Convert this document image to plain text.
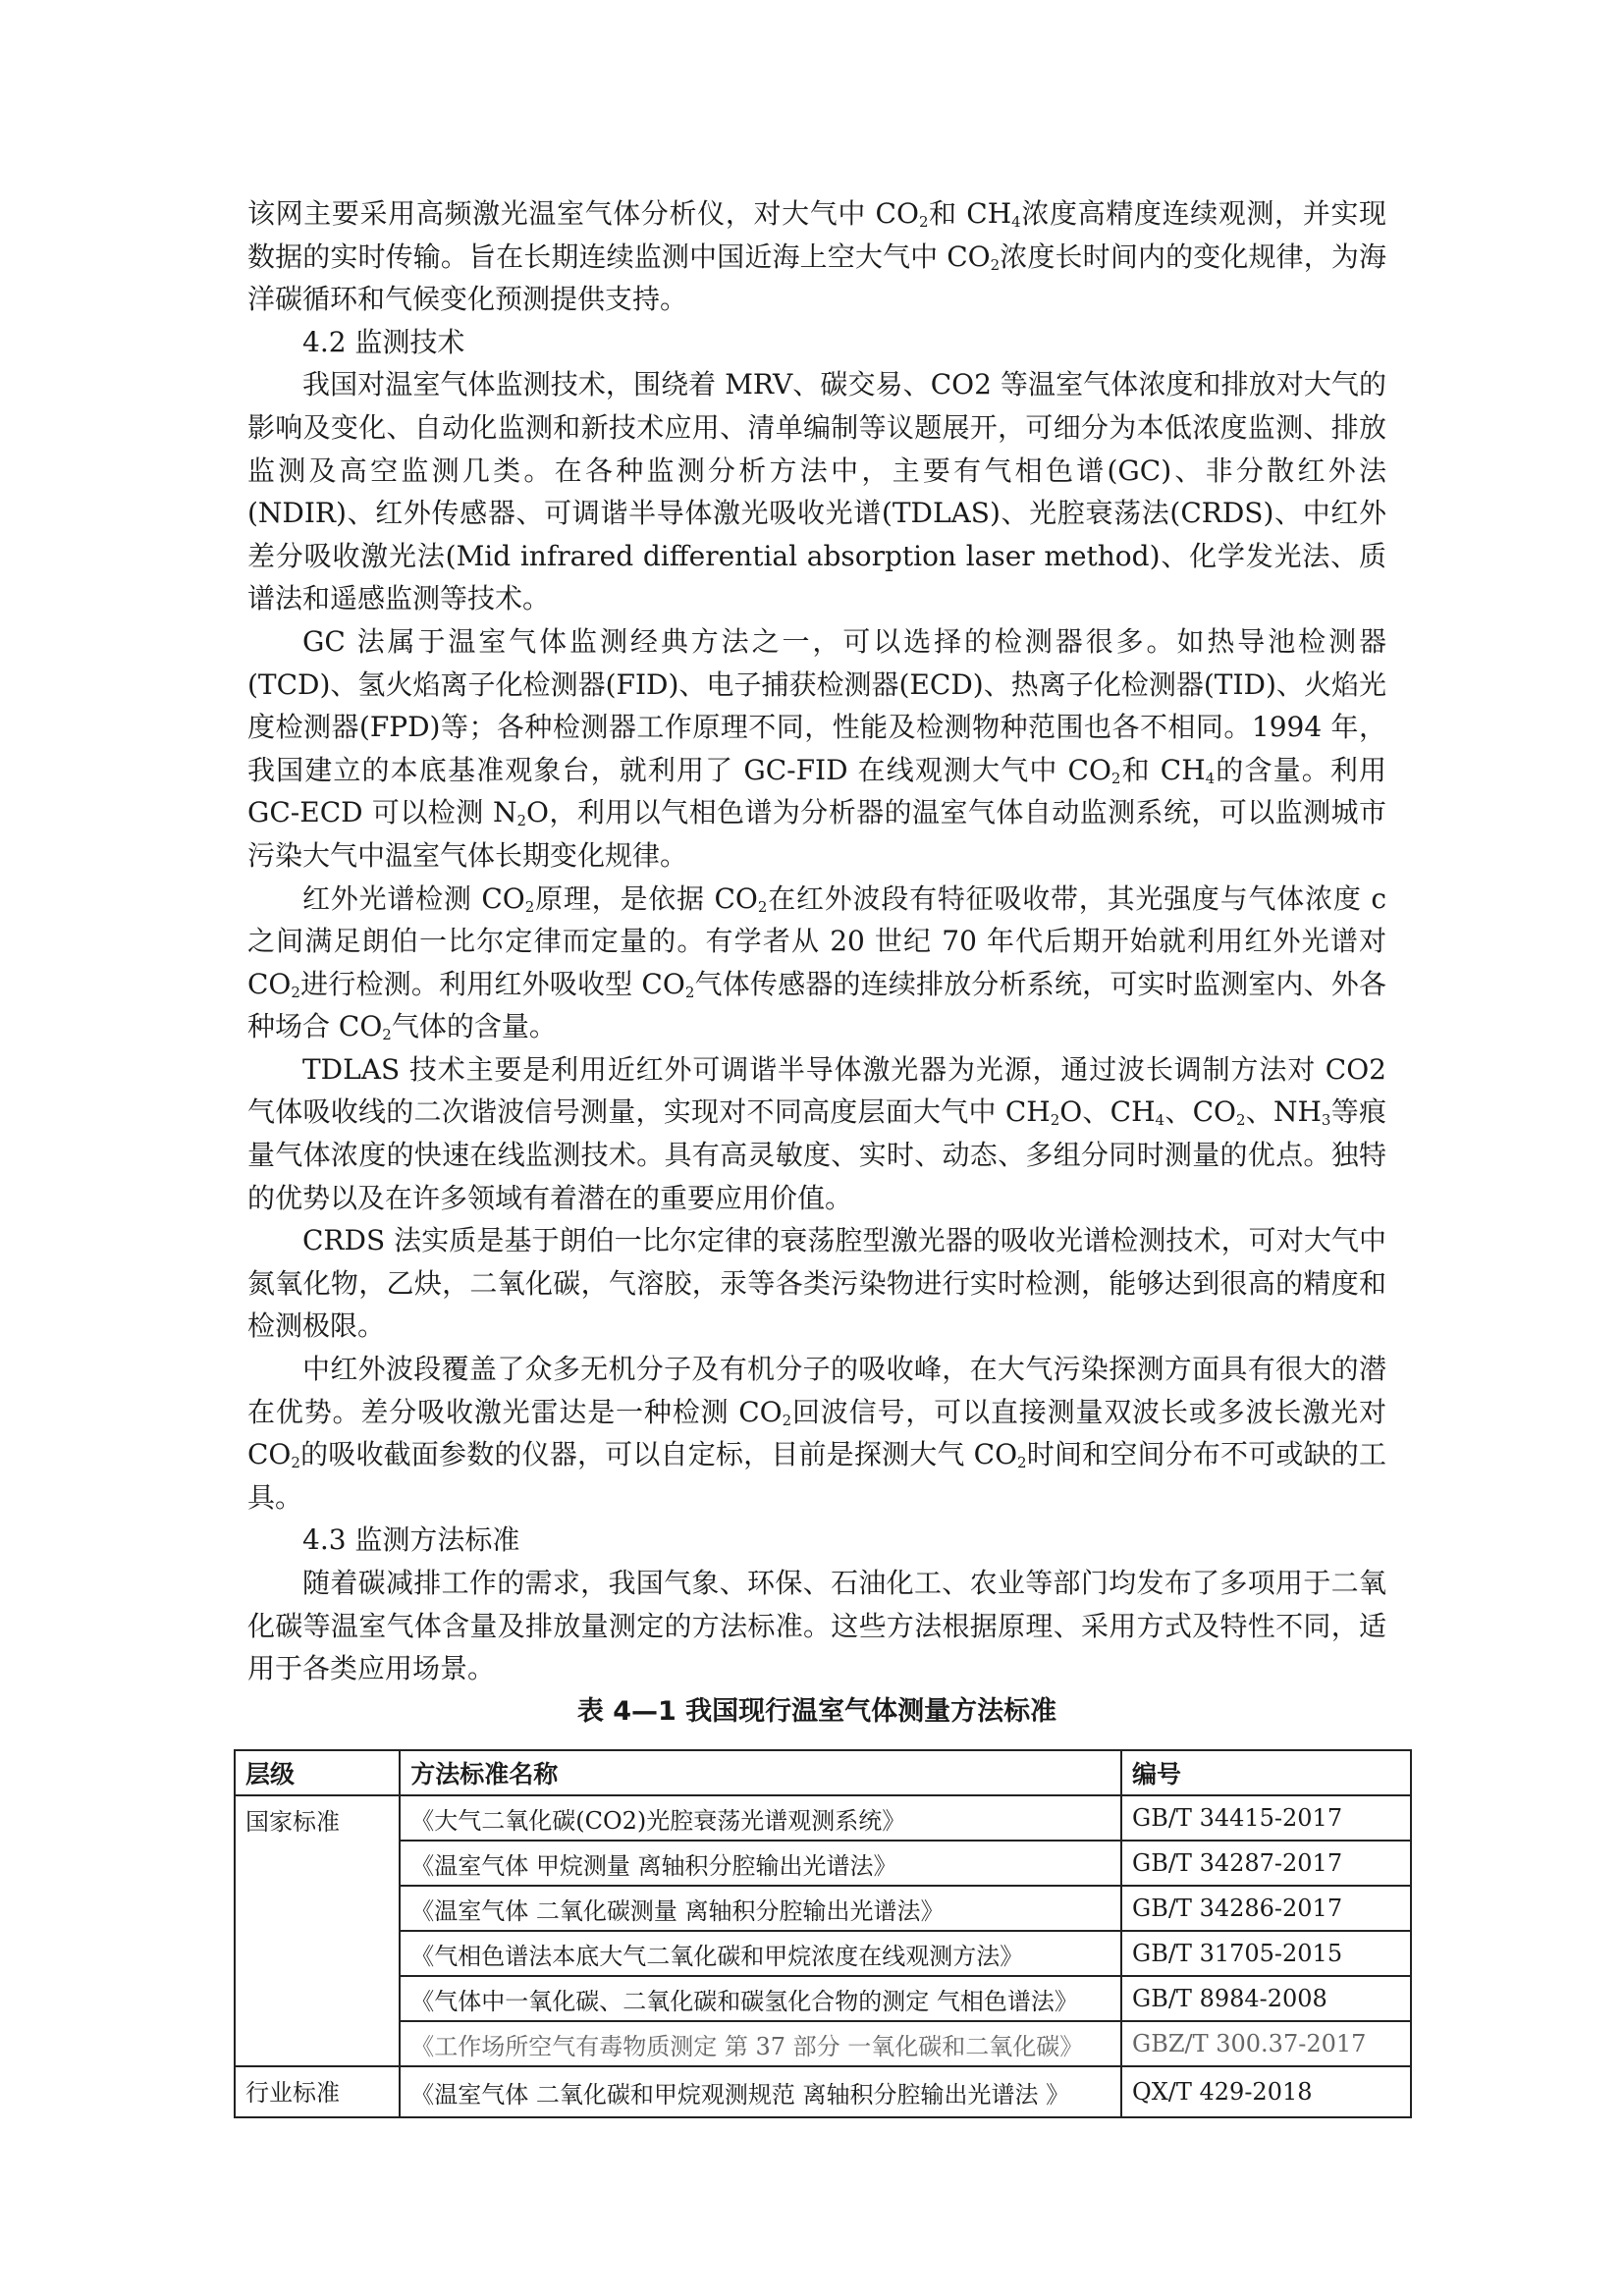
该网主要采用高频激光温室气体分析仪，对大气中 $CO_2$和 $CH_4$浓度高精度连续观测，并实现数据的实时传输。旨在长期连续监测中国近海上空大气中 $CO_2$浓度长时间内的变化规律，为海洋碳循环和气候变化预测提供支持。

4.2 监测技术

我国对温室气体监测技术，围绕着 MRV、碳交易、CO2 等温室气体浓度和排放对大气的影响及变化、自动化监测和新技术应用、清单编制等议题展开，可细分为本低浓度监测、排放监测及高空监测几类。在各种监测分析方法中，主要有气相色谱(GC)、非分散红外法(NDIR)、红外传感器、可调谐半导体激光吸收光谱(TDLAS)、光腔衰荡法(CRDS)、中红外差分吸收激光法(Mid infrared differential absorption laser method)、化学发光法、质谱法和遥感监测等技术。

GC 法属于温室气体监测经典方法之一，可以选择的检测器很多。如热导池检测器(TCD)、氢火焰离子化检测器(FID)、电子捕获检测器(ECD)、热离子化检测器(TID)、火焰光度检测器(FPD)等；各种检测器工作原理不同，性能及检测物种范围也各不相同。1994 年，我国建立的本底基准观象台，就利用了 GC-FID 在线观测大气中 $CO_2$和 $CH_4$的含量。利用 GC-ECD 可以检测 $N_2O$，利用以气相色谱为分析器的温室气体自动监测系统，可以监测城市污染大气中温室气体长期变化规律。

红外光谱检测 $CO_2$原理，是依据 $CO_2$在红外波段有特征吸收带，其光强度与气体浓度 c 之间满足朗伯一比尔定律而定量的。有学者从 20 世纪 70 年代后期开始就利用红外光谱对 $CO_2$进行检测。利用红外吸收型 $CO_2$气体传感器的连续排放分析系统，可实时监测室内、外各种场合 $CO_2$气体的含量。

TDLAS 技术主要是利用近红外可调谐半导体激光器为光源，通过波长调制方法对 CO2 气体吸收线的二次谐波信号测量，实现对不同高度层面大气中 $CH_2O$、$CH_4$、$CO_2$、$NH_3$等痕量气体浓度的快速在线监测技术。具有高灵敏度、实时、动态、多组分同时测量的优点。独特的优势以及在许多领域有着潜在的重要应用价值。

CRDS 法实质是基于朗伯一比尔定律的衰荡腔型激光器的吸收光谱检测技术，可对大气中氮氧化物，乙炔，二氧化碳，气溶胶，汞等各类污染物进行实时检测，能够达到很高的精度和检测极限。

中红外波段覆盖了众多无机分子及有机分子的吸收峰，在大气污染探测方面具有很大的潜在优势。差分吸收激光雷达是一种检测 $CO_2$回波信号，可以直接测量双波长或多波长激光对 $CO_2$的吸收截面参数的仪器，可以自定标，目前是探测大气 $CO_2$时间和空间分布不可或缺的工具。

4.3 监测方法标准

随着碳减排工作的需求，我国气象、环保、石油化工、农业等部门均发布了多项用于二氧化碳等温室气体含量及排放量测定的方法标准。这些方法根据原理、采用方式及特性不同，适用于各类应用场景。

表 4—1 我国现行温室气体测量方法标准

层级	方法标准名称	编号
国家标准	《大气二氧化碳(CO2)光腔衰荡光谱观测系统》	GB/T 34415-2017
	《温室气体 甲烷测量 离轴积分腔输出光谱法》	GB/T 34287-2017
	《温室气体 二氧化碳测量 离轴积分腔输出光谱法》	GB/T 34286-2017
	《气相色谱法本底大气二氧化碳和甲烷浓度在线观测方法》	GB/T 31705-2015
	《气体中一氧化碳、二氧化碳和碳氢化合物的测定 气相色谱法》	GB/T 8984-2008
	《工作场所空气有毒物质测定 第 37 部分 一氧化碳和二氧化碳》	GBZ/T 300.37-2017
行业标准	《温室气体 二氧化碳和甲烷观测规范 离轴积分腔输出光谱法 》	QX/T 429-2018
